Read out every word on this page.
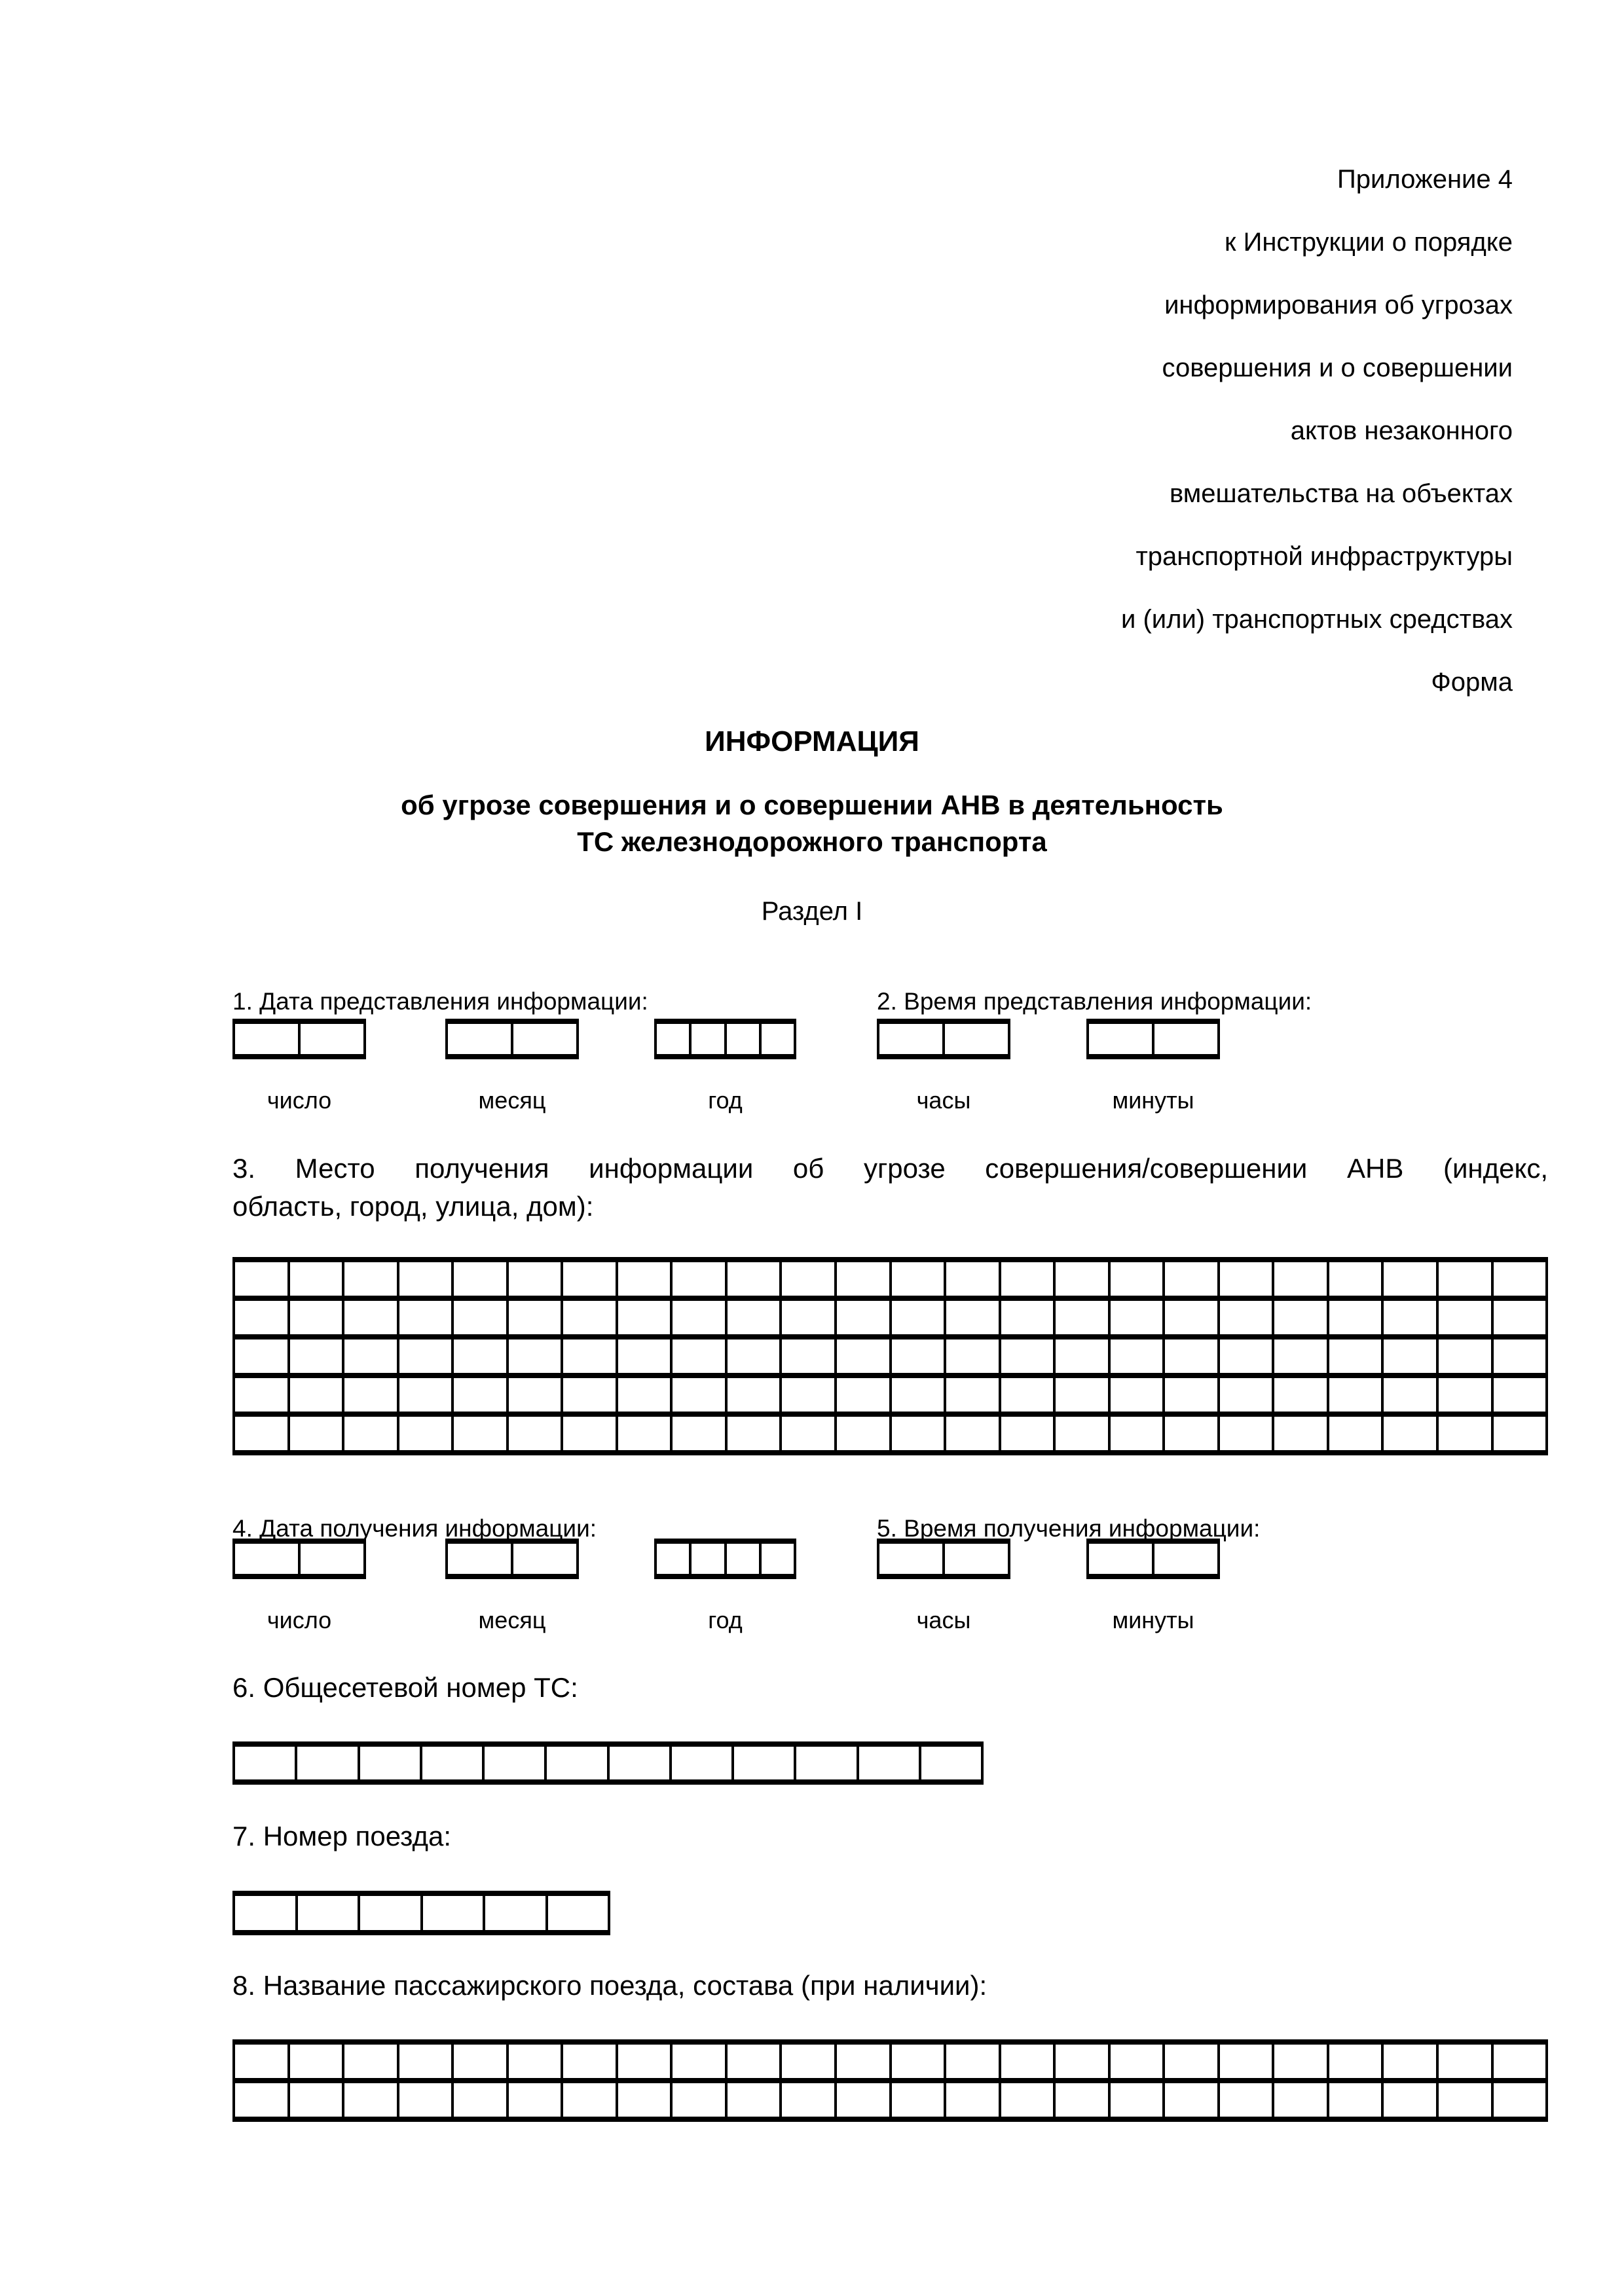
Приложение 4
к Инструкции о порядке
информирования об угрозах
совершения и о совершении
актов незаконного
вмешательства на объектах
транспортной инфраструктуры
и (или) транспортных средствах
Форма
ИНФОРМАЦИЯ
об угрозе совершения и о совершении АНВ в деятельность
ТС железнодорожного транспорта
Раздел I
1. Дата представления информации:	2. Время представления информации:
число	месяц	год	часы	минуты
3. Место получения информации об угрозе совершения/совершении АНВ (индекс,
область, город, улица, дом):
4. Дата получения информации:	5. Время получения информации:
число	месяц	год	часы	минуты
6. Общесетевой номер ТС:
7. Номер поезда:
8. Название пассажирского поезда, состава (при наличии):
